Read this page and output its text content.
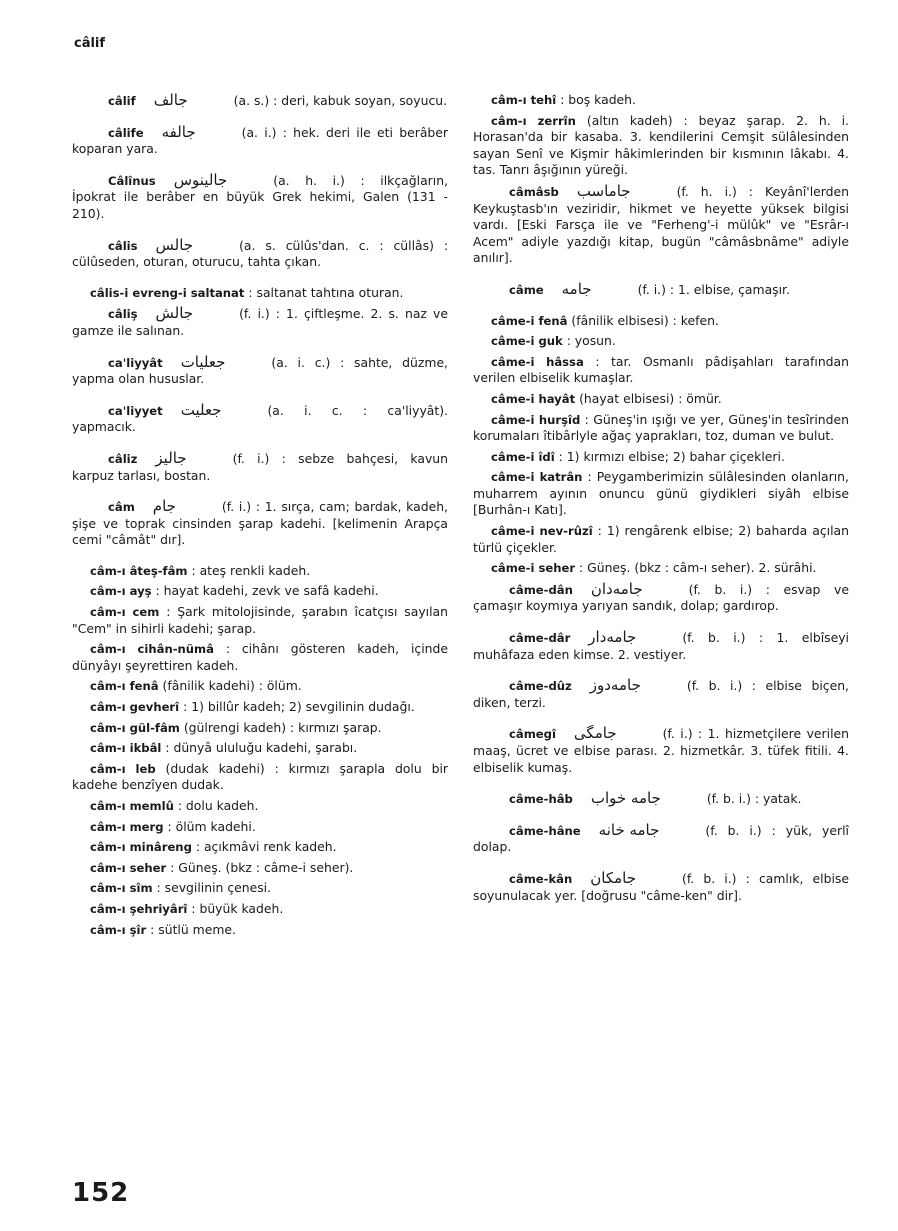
câlif
câlif جالف	(a. s.) : deri, kabuk soyan, soyucu.
câlife جالفه	(a. i.) : hek. deri ile eti berâber koparan yara.
Câlînus جالينوس	(a. h. i.) : ilkçağların, İpokrat ile berâber en büyük Grek hekimi, Galen (131 - 210).
câlis جالس	(a. s. cülûs'dan. c. : cüllâs) : cülûseden, oturan, oturucu, tahta çıkan.
câlis-i evreng-i saltanat : saltanat tahtına oturan.
câliş جالش	(f. i.) : 1. çiftleşme. 2. s. naz ve gamze ile salınan.
ca'liyyât جعليات	(a. i. c.) : sahte, düzme, yapma olan hususlar.
ca'liyyet جعليت	(a. i. c. : ca'liyyât). yapmacık.
câliz جاليز	(f. i.) : sebze bahçesi, kavun karpuz tarlası, bostan.
câm جام	(f. i.) : 1. sırça, cam; bardak, kadeh, şişe ve toprak cinsinden şarap kadehi. [kelimenin Arapça cemi "câmât" dır].
câm-ı âteş-fâm : ateş renkli kadeh.
câm-ı ayş : hayat kadehi, zevk ve safâ kadehi.
câm-ı cem : Şark mitolojisinde, şarabın îcatçısı sayılan "Cem" in sihirli kadehi; şarap.
câm-ı cihân-nümâ : cihânı gösteren kadeh, içinde dünyâyı şeyrettiren kadeh.
câm-ı fenâ (fânilik kadehi) : ölüm.
câm-ı gevherî : 1) billûr kadeh; 2) sevgilinin dudağı.
câm-ı gül-fâm (gülrengi kadeh) : kırmızı şarap.
câm-ı ikbâl : dünyâ ululuğu kadehi, şarabı.
câm-ı leb (dudak kadehi) : kırmızı şarapla dolu bir kadehe benzîyen dudak.
câm-ı memlû : dolu kadeh.
câm-ı merg : ölüm kadehi.
câm-ı minâreng : açıkmâvi renk kadeh.
câm-ı seher : Güneş. (bkz : câme-i seher).
câm-ı sîm : sevgilinin çenesi.
câm-ı şehriyârî : büyük kadeh.
câm-ı şîr : sütlü meme.
câm-ı tehî : boş kadeh.
câm-ı zerrîn (altın kadeh) : beyaz şarap. 2. h. i. Horasan'da bir kasaba. 3. kendilerini Cemşit sülâlesinden sayan Senî ve Kişmir hâkimlerinden bir kısmının lâkabı. 4. tas. Tanrı âşığının yüreği.
câmâsb جاماسب	(f. h. i.) : Keyânî'lerden Keykuştasb'ın veziridir, hikmet ve heyette yüksek bilgisi vardı. [Eski Farsça ile ve "Ferheng'-i mülûk" ve "Esrâr-ı Acem" adiyle yazdığı kitap, bugün "câmâsbnâme" adiyle anılır].
câme جامه	(f. i.) : 1. elbise, çamaşır.
câme-i fenâ (fânilik elbisesi) : kefen.
câme-i guk : yosun.
câme-i hâssa : tar. Osmanlı pâdişahları tarafından verilen elbiselik kumaşlar.
câme-i hayât (hayat elbisesi) : ömür.
câme-i hurşîd : Güneş'in ışığı ve yer, Güneş'in tesîrinden korumaları îtibârlyle ağaç yaprakları, toz, duman ve bulut.
câme-i îdî : 1) kırmızı elbise; 2) bahar çiçekleri.
câme-i katrân : Peygamberimizin sülâlesinden olanların, muharrem ayının onuncu günü giydikleri siyâh elbise [Burhân-ı Katı].
câme-i nev-rûzî : 1) rengârenk elbise; 2) baharda açılan türlü çiçekler.
câme-i seher : Güneş. (bkz : câm-ı seher). 2. sürâhi.
câme-dân جامه‌دان	(f. b. i.) : esvap ve çamaşır koymıya yarıyan sandık, dolap; gardırop.
câme-dâr جامه‌دار	(f. b. i.) : 1. elbîseyi muhâfaza eden kimse. 2. vestiyer.
câme-dûz جامه‌دوز	(f. b. i.) : elbise biçen, diken, terzi.
câmegî جامگی	(f. i.) : 1. hizmetçilere verilen maaş, ücret ve elbise parası. 2. hizmetkâr. 3. tüfek fitili. 4. elbiselik kumaş.
câme-hâb جامه خواب	(f. b. i.) : yatak.
câme-hâne جامه خانه	(f. b. i.) : yük, yerlî dolap.
câme-kân جامکان	(f. b. i.) : camlık, elbise soyunulacak yer. [doğrusu "câme-ken" dir].
152
